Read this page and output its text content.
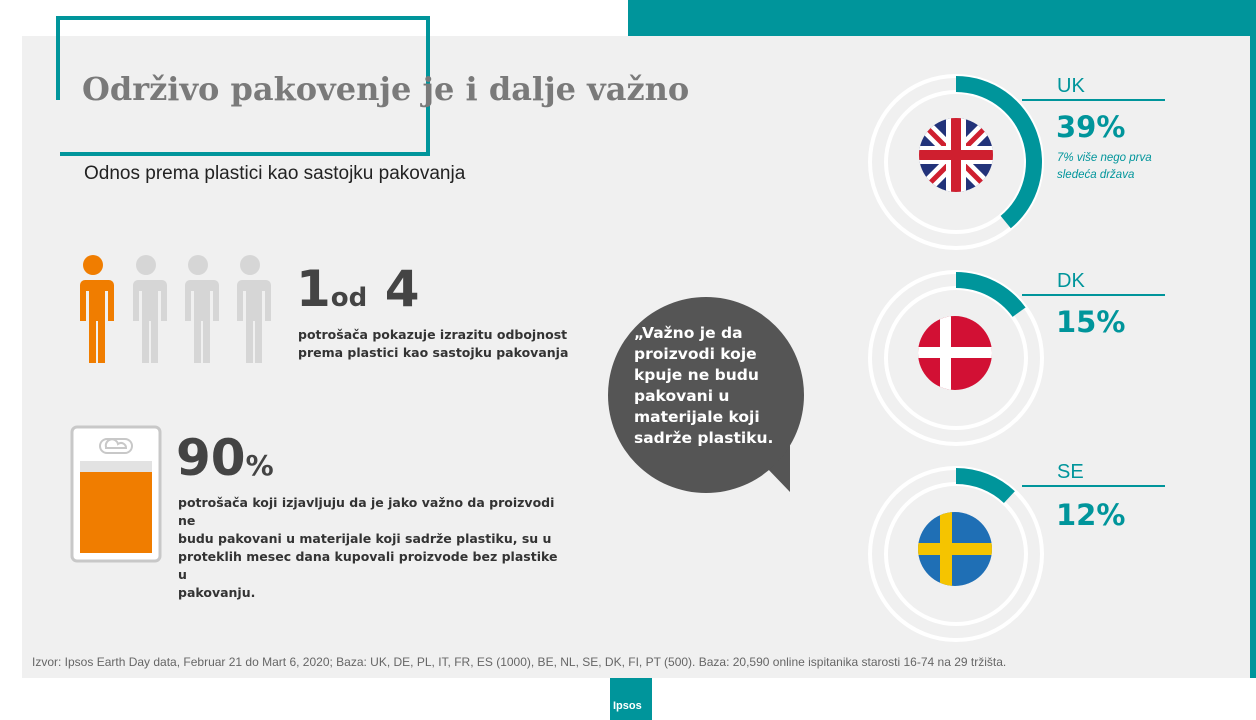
Održivo pakovenje je i dalje važno
Odnos prema plastici kao sastojku pakovanja
1od 4
potrošača pokazuje izrazitu odbojnost
prema plastici kao sastojku pakovanja
90%
potrošača koji izjavljuju da je jako važno da proizvodi ne
budu pakovani u materijale koji sadrže plastiku, su u
proteklih mesec dana kupovali proizvode bez plastike u
pakovanju.
„Važno je da proizvodi koje kpuje ne budu pakovani u materijale koji sadrže plastiku.
UK
39%
7% više nego prva
sledeća država
DK
15%
SE
12%
Izvor: Ipsos Earth Day data, Februar 21 do Mart 6, 2020; Baza: UK, DE, PL, IT, FR, ES (1000), BE, NL, SE, DK, FI, PT (500). Baza: 20,590 online ispitanika starosti 16-74 na 29 tržišta.
Ipsos
